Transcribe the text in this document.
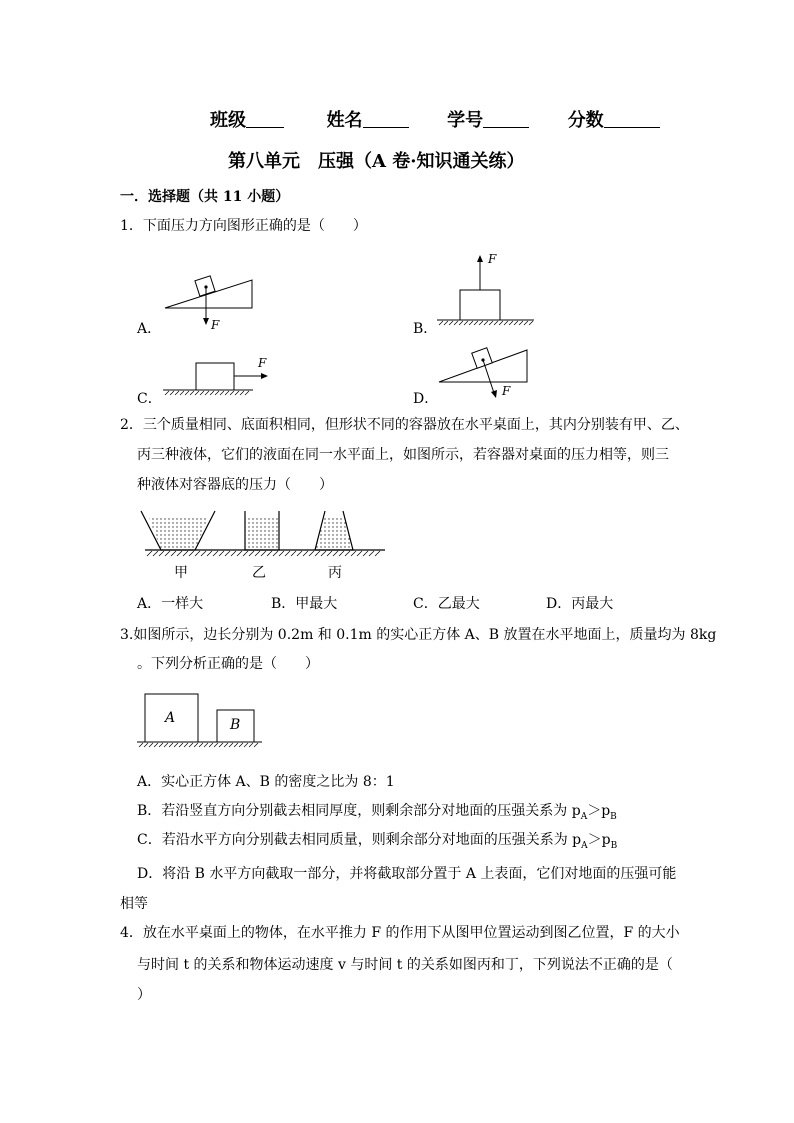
班级	姓名	学号	分数
第八单元　压强（A 卷·知识通关练）
一．选择题（共 11 小题）
1．下面压力方向图形正确的是（　　）
A．	F	B．
F
C．
F
D．	F
2．三个质量相同、底面积相同，但形状不同的容器放在水平桌面上，其内分别装有甲、乙、
丙三种液体，它们的液面在同一水平面上，如图所示，若容器对桌面的压力相等，则三
种液体对容器底的压力（　　）
甲	乙	丙
A．一样大	B．甲最大	C．乙最大	D．丙最大
3.如图所示，边长分别为 0.2m 和 0.1m 的实心正方体 A、B 放置在水平地面上，质量均为 8kg
。下列分析正确的是（　　）
A	B
A．实心正方体 A、B 的密度之比为 8：1
B．若沿竖直方向分别截去相同厚度，则剩余部分对地面的压强关系为 $p_A>p_B$
C．若沿水平方向分别截去相同质量，则剩余部分对地面的压强关系为 $p_A>p_B$
D．将沿 B 水平方向截取一部分，并将截取部分置于 A 上表面，它们对地面的压强可能
相等
4．放在水平桌面上的物体，在水平推力 F 的作用下从图甲位置运动到图乙位置，F 的大小
与时间 t 的关系和物体运动速度 v 与时间 t 的关系如图丙和丁，下列说法不正确的是（
）
